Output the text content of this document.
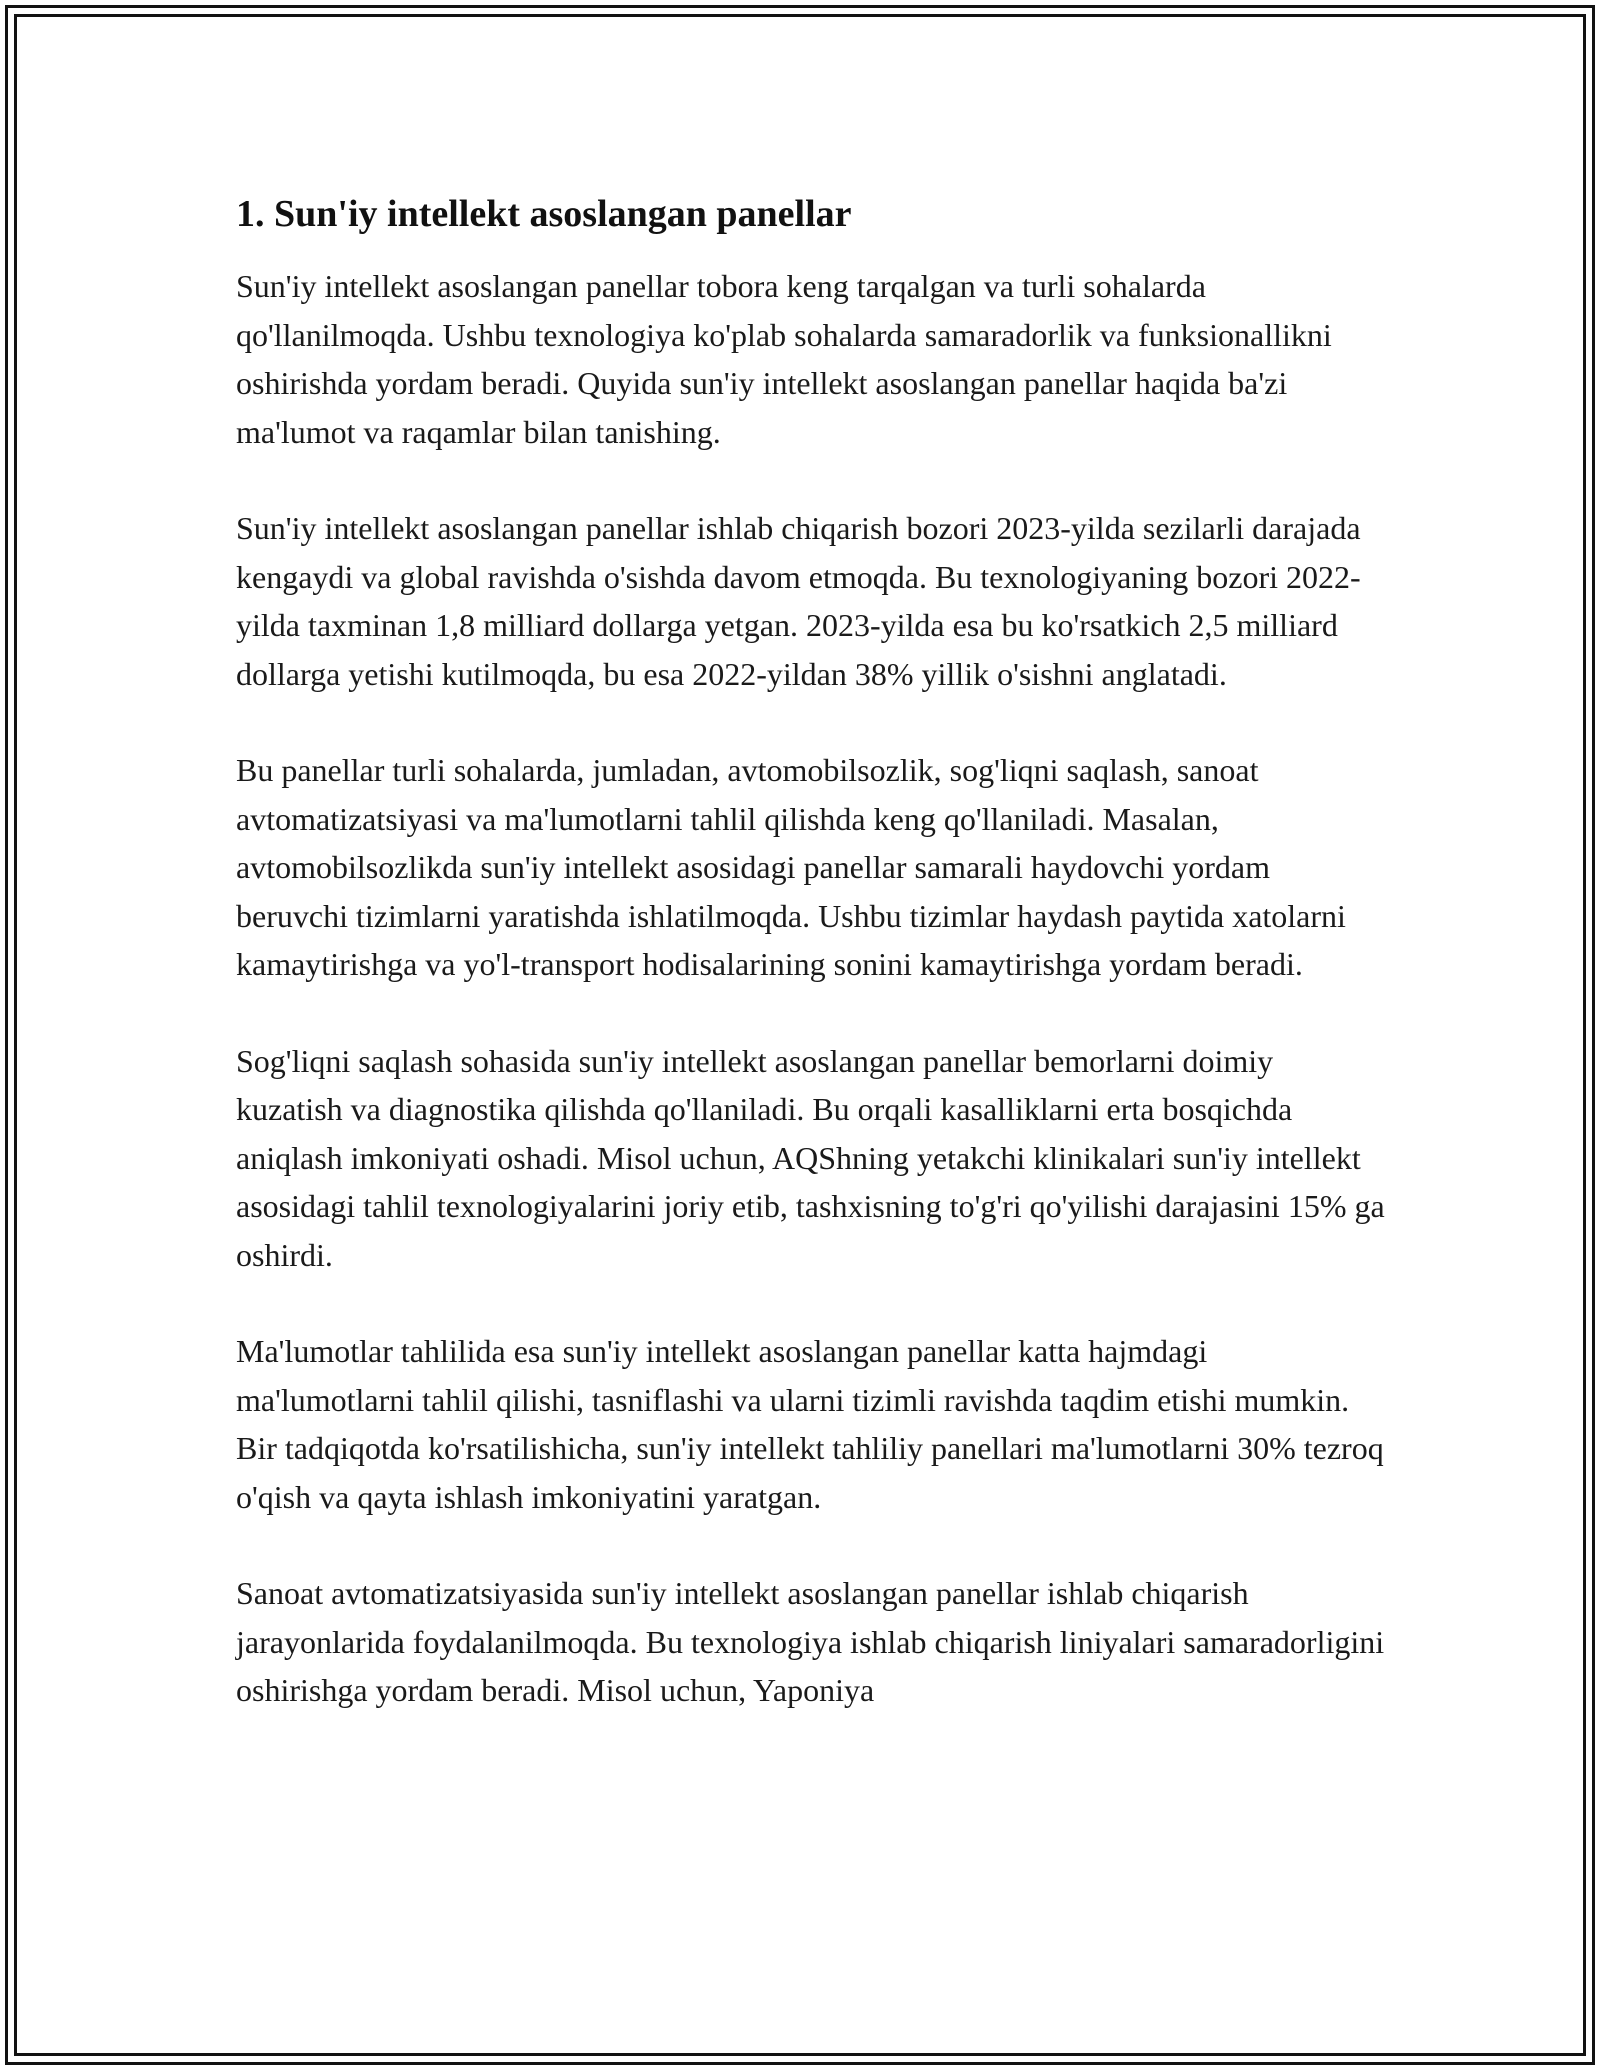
1. Sun'iy intellekt asoslangan panellar

Sun'iy intellekt asoslangan panellar tobora keng tarqalgan va turli sohalarda qo'llanilmoqda. Ushbu texnologiya ko'plab sohalarda samaradorlik va funksionallikni oshirishda yordam beradi. Quyida sun'iy intellekt asoslangan panellar haqida ba'zi ma'lumot va raqamlar bilan tanishing.

Sun'iy intellekt asoslangan panellar ishlab chiqarish bozori 2023-yilda sezilarli darajada kengaydi va global ravishda o'sishda davom etmoqda. Bu texnologiyaning bozori 2022-yilda taxminan 1,8 milliard dollarga yetgan. 2023-yilda esa bu ko'rsatkich 2,5 milliard dollarga yetishi kutilmoqda, bu esa 2022-yildan 38% yillik o'sishni anglatadi.

Bu panellar turli sohalarda, jumladan, avtomobilsozlik, sog'liqni saqlash, sanoat avtomatizatsiyasi va ma'lumotlarni tahlil qilishda keng qo'llaniladi. Masalan, avtomobilsozlikda sun'iy intellekt asosidagi panellar samarali haydovchi yordam beruvchi tizimlarni yaratishda ishlatilmoqda. Ushbu tizimlar haydash paytida xatolarni kamaytirishga va yo'l-transport hodisalarining sonini kamaytirishga yordam beradi.

Sog'liqni saqlash sohasida sun'iy intellekt asoslangan panellar bemorlarni doimiy kuzatish va diagnostika qilishda qo'llaniladi. Bu orqali kasalliklarni erta bosqichda aniqlash imkoniyati oshadi. Misol uchun, AQShning yetakchi klinikalari sun'iy intellekt asosidagi tahlil texnologiyalarini joriy etib, tashxisning to'g'ri qo'yilishi darajasini 15% ga oshirdi.

Ma'lumotlar tahlilida esa sun'iy intellekt asoslangan panellar katta hajmdagi ma'lumotlarni tahlil qilishi, tasniflashi va ularni tizimli ravishda taqdim etishi mumkin. Bir tadqiqotda ko'rsatilishicha, sun'iy intellekt tahliliy panellari ma'lumotlarni 30% tezroq o'qish va qayta ishlash imkoniyatini yaratgan.

Sanoat avtomatizatsiyasida sun'iy intellekt asoslangan panellar ishlab chiqarish jarayonlarida foydalanilmoqda. Bu texnologiya ishlab chiqarish liniyalari samaradorligini oshirishga yordam beradi. Misol uchun, Yaponiya
